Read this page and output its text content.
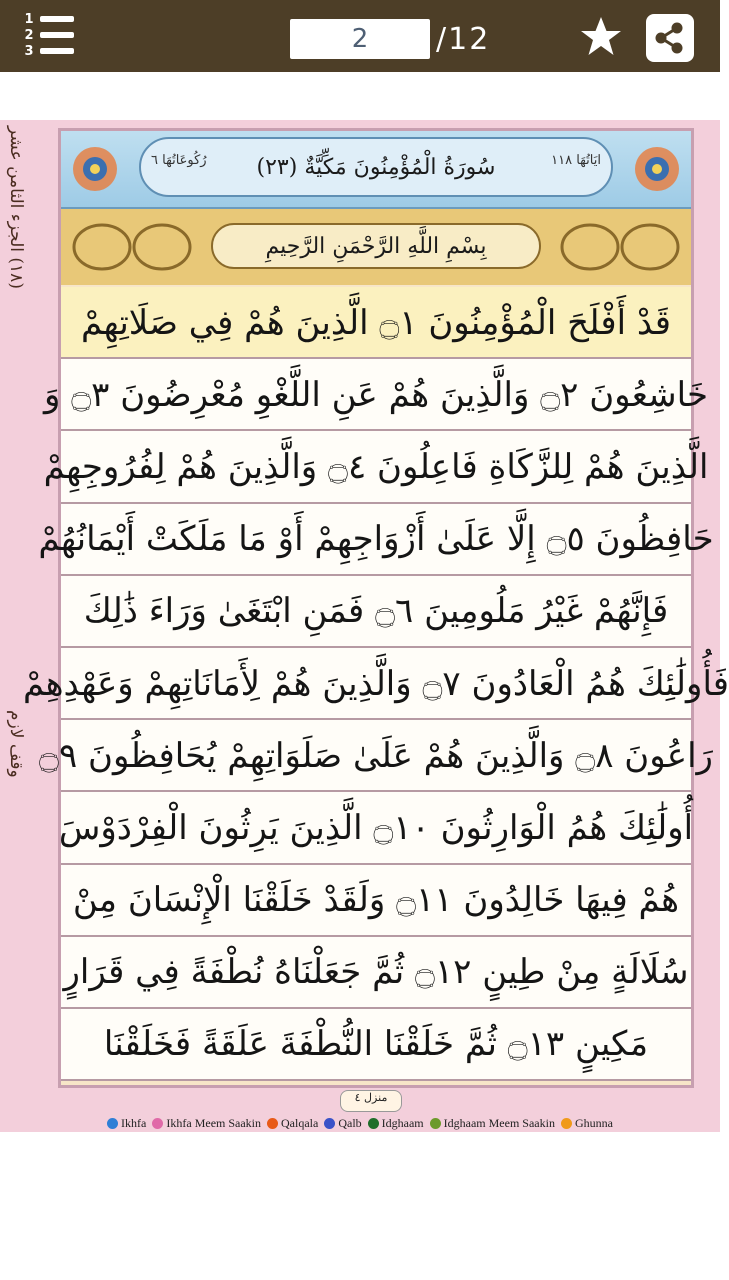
1
2
3	2	/12
(١٨) الجزء الثامن عشر
وقف لازم
رُكُوعَاتُهَا ٦	سُورَةُ الْمُؤْمِنُونَ مَكِّيَّةٌ (٢٣)	ايَاتُهَا ١١٨
بِسْمِ اللَّهِ الرَّحْمَنِ الرَّحِيمِ
قَدْ أَفْلَحَ الْمُؤْمِنُونَ ۝١ الَّذِينَ هُمْ فِي صَلَاتِهِمْ
خَاشِعُونَ ۝٢ وَالَّذِينَ هُمْ عَنِ اللَّغْوِ مُعْرِضُونَ ۝٣ وَ
الَّذِينَ هُمْ لِلزَّكَاةِ فَاعِلُونَ ۝٤ وَالَّذِينَ هُمْ لِفُرُوجِهِمْ
حَافِظُونَ ۝٥ إِلَّا عَلَىٰ أَزْوَاجِهِمْ أَوْ مَا مَلَكَتْ أَيْمَانُهُمْ
فَإِنَّهُمْ غَيْرُ مَلُومِينَ ۝٦ فَمَنِ ابْتَغَىٰ وَرَاءَ ذَٰلِكَ
فَأُولَٰئِكَ هُمُ الْعَادُونَ ۝٧ وَالَّذِينَ هُمْ لِأَمَانَاتِهِمْ وَعَهْدِهِمْ
رَاعُونَ ۝٨ وَالَّذِينَ هُمْ عَلَىٰ صَلَوَاتِهِمْ يُحَافِظُونَ ۝٩
أُولَٰئِكَ هُمُ الْوَارِثُونَ ۝١٠ الَّذِينَ يَرِثُونَ الْفِرْدَوْسَ
هُمْ فِيهَا خَالِدُونَ ۝١١ وَلَقَدْ خَلَقْنَا الْإِنْسَانَ مِنْ
سُلَالَةٍ مِنْ طِينٍ ۝١٢ ثُمَّ جَعَلْنَاهُ نُطْفَةً فِي قَرَارٍ
مَكِينٍ ۝١٣ ثُمَّ خَلَقْنَا النُّطْفَةَ عَلَقَةً فَخَلَقْنَا
منزل ٤
Ikhfa Ikhfa Meem Saakin Qalqala Qalb Idghaam Idghaam Meem Saakin Ghunna
